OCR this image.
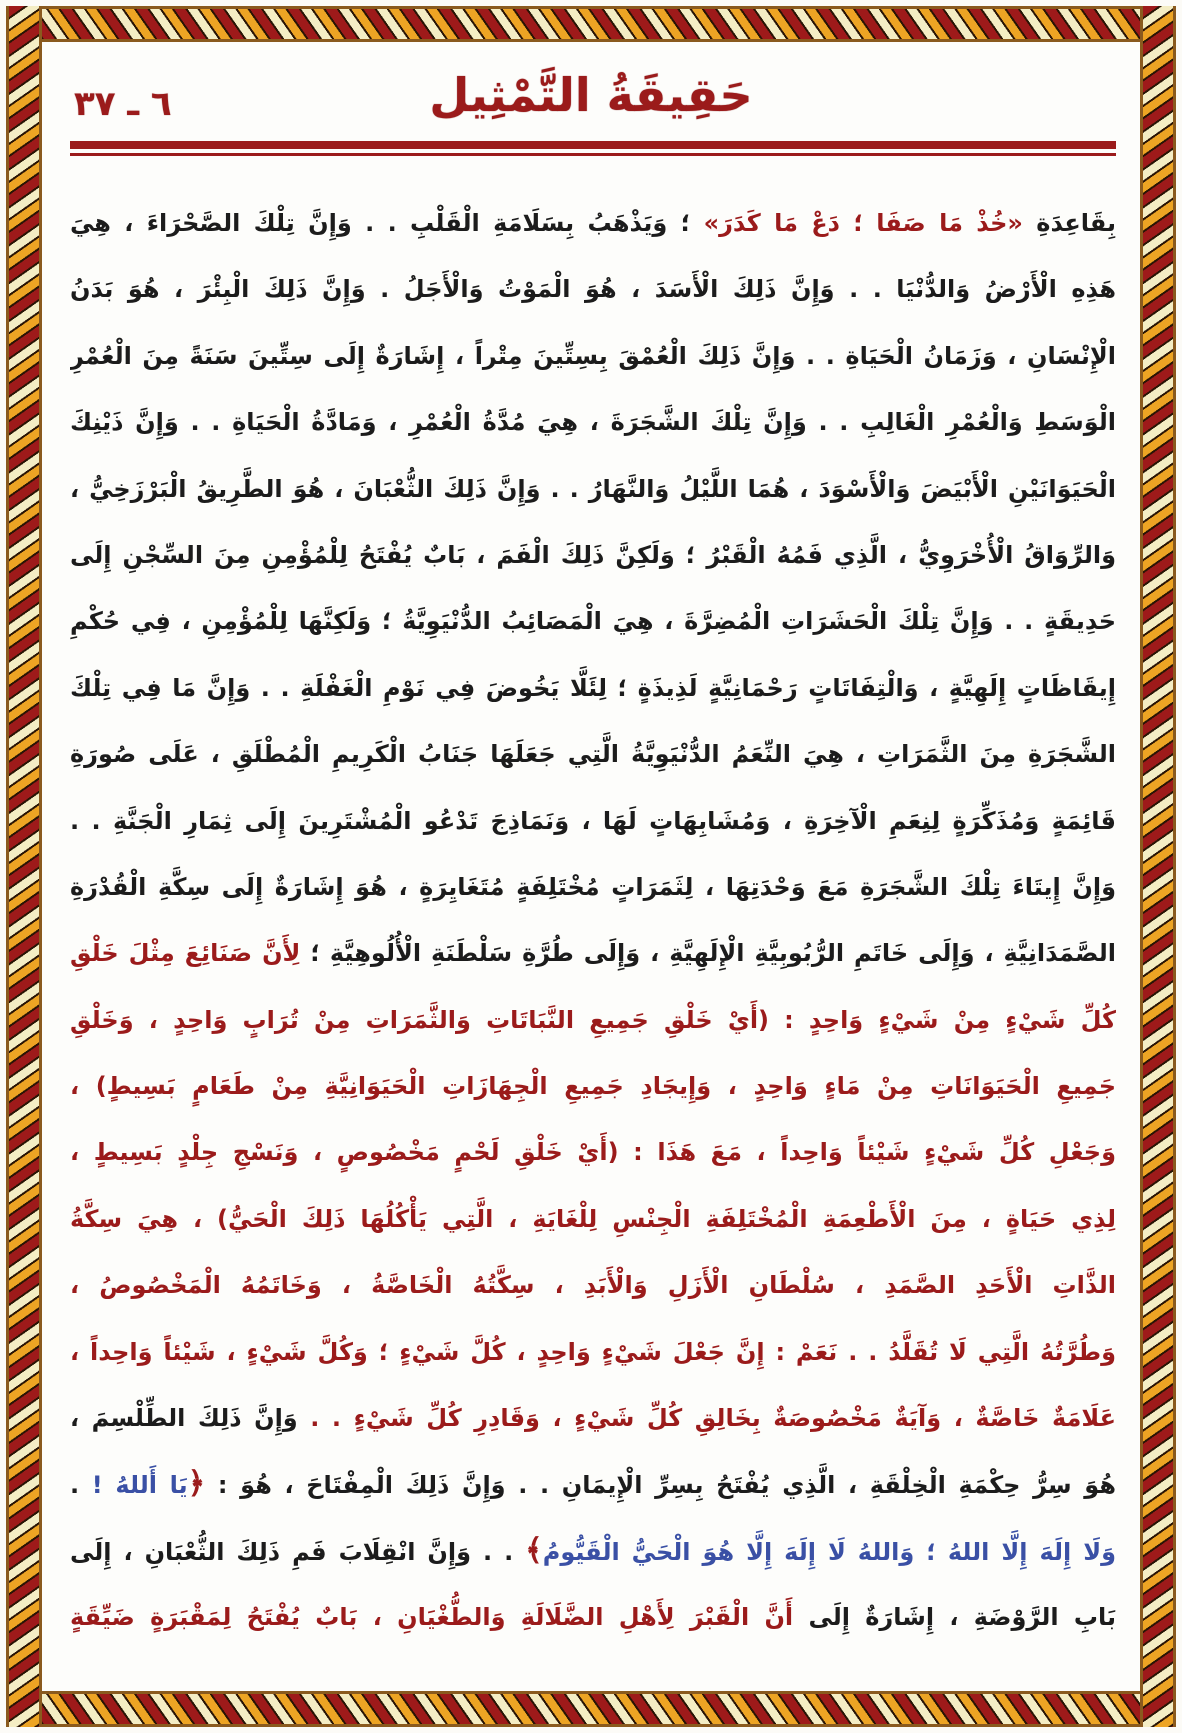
٦ ـ ٣٧	حَقِيقَةُ التَّمْثِيل
بِقَاعِدَةِ «خُذْ مَا صَفَا ؛ دَعْ مَا كَدَرَ» ؛ وَيَذْهَبُ بِسَلَامَةِ الْقَلْبِ . . وَإِنَّ تِلْكَ الصَّحْرَاءَ ، هِيَ
هَذِهِ الْأَرْضُ وَالدُّنْيَا . . وَإِنَّ ذَلِكَ الْأَسَدَ ، هُوَ الْمَوْتُ وَالْأَجَلُ . وَإِنَّ ذَلِكَ الْبِئْرَ ، هُوَ بَدَنُ
الْإِنْسَانِ ، وَزَمَانُ الْحَيَاةِ . . وَإِنَّ ذَلِكَ الْعُمْقَ بِسِتِّينَ مِتْراً ، إِشَارَةٌ إِلَى سِتِّينَ سَنَةً مِنَ الْعُمْرِ
الْوَسَطِ وَالْعُمْرِ الْغَالِبِ . . وَإِنَّ تِلْكَ الشَّجَرَةَ ، هِيَ مُدَّةُ الْعُمْرِ ، وَمَادَّةُ الْحَيَاةِ . . وَإِنَّ ذَيْنِكَ
الْحَيَوَانَيْنِ الْأَبْيَضَ وَالْأَسْوَدَ ، هُمَا اللَّيْلُ وَالنَّهَارُ . . وَإِنَّ ذَلِكَ الثُّعْبَانَ ، هُوَ الطَّرِيقُ الْبَرْزَخِيُّ ،
وَالرِّوَاقُ الْأُخْرَوِيُّ ، الَّذِي فَمُهُ الْقَبْرُ ؛ وَلَكِنَّ ذَلِكَ الْفَمَ ، بَابٌ يُفْتَحُ لِلْمُؤْمِنِ مِنَ السِّجْنِ إِلَى
حَدِيقَةٍ . . وَإِنَّ تِلْكَ الْحَشَرَاتِ الْمُضِرَّةَ ، هِيَ الْمَصَائِبُ الدُّنْيَوِيَّةُ ؛ وَلَكِنَّهَا لِلْمُؤْمِنِ ، فِي حُكْمِ
إِيقَاظَاتٍ إِلَهِيَّةٍ ، وَالْتِفَاتَاتٍ رَحْمَانِيَّةٍ لَذِيذَةٍ ؛ لِئَلَّا يَخُوضَ فِي نَوْمِ الْغَفْلَةِ . . وَإِنَّ مَا فِي تِلْكَ
الشَّجَرَةِ مِنَ الثَّمَرَاتِ ، هِيَ النِّعَمُ الدُّنْيَوِيَّةُ الَّتِي جَعَلَهَا جَنَابُ الْكَرِيمِ الْمُطْلَقِ ، عَلَى صُورَةِ
قَائِمَةٍ وَمُذَكِّرَةٍ لِنِعَمِ الْآخِرَةِ ، وَمُشَابِهَاتٍ لَهَا ، وَنَمَاذِجَ تَدْعُو الْمُشْتَرِينَ إِلَى ثِمَارِ الْجَنَّةِ . .
وَإِنَّ إِيتَاءَ تِلْكَ الشَّجَرَةِ مَعَ وَحْدَتِهَا ، لِثَمَرَاتٍ مُخْتَلِفَةٍ مُتَغَايِرَةٍ ، هُوَ إِشَارَةٌ إِلَى سِكَّةِ الْقُدْرَةِ
الصَّمَدَانِيَّةِ ، وَإِلَى خَاتَمِ الرُّبُوبِيَّةِ الْإِلَهِيَّةِ ، وَإِلَى طُرَّةِ سَلْطَنَةِ الْأُلُوهِيَّةِ ؛ لِأَنَّ صَنَائِعَ مِثْلَ خَلْقِ
كُلِّ شَيْءٍ مِنْ شَيْءٍ وَاحِدٍ : (أَيْ خَلْقِ جَمِيعِ النَّبَاتَاتِ وَالثَّمَرَاتِ مِنْ تُرَابٍ وَاحِدٍ ، وَخَلْقِ
جَمِيعِ الْحَيَوَانَاتِ مِنْ مَاءٍ وَاحِدٍ ، وَإِيجَادِ جَمِيعِ الْجِهَازَاتِ الْحَيَوَانِيَّةِ مِنْ طَعَامٍ بَسِيطٍ) ،
وَجَعْلِ كُلِّ شَيْءٍ شَيْئاً وَاحِداً ، مَعَ هَذَا : (أَيْ خَلْقِ لَحْمٍ مَخْصُوصٍ ، وَنَسْجِ جِلْدٍ بَسِيطٍ ،
لِذِي حَيَاةٍ ، مِنَ الْأَطْعِمَةِ الْمُخْتَلِفَةِ الْجِنْسِ لِلْغَايَةِ ، الَّتِي يَأْكُلُهَا ذَلِكَ الْحَيُّ) ، هِيَ سِكَّةُ
الذَّاتِ الْأَحَدِ الصَّمَدِ ، سُلْطَانِ الْأَزَلِ وَالْأَبَدِ ، سِكَّتُهُ الْخَاصَّةُ ، وَخَاتَمُهُ الْمَخْصُوصُ ،
وَطُرَّتُهُ الَّتِي لَا تُقَلَّدُ . . نَعَمْ : إِنَّ جَعْلَ شَيْءٍ وَاحِدٍ ، كُلَّ شَيْءٍ ؛ وَكُلَّ شَيْءٍ ، شَيْئاً وَاحِداً ،
عَلَامَةٌ خَاصَّةٌ ، وَآيَةٌ مَخْصُوصَةٌ بِخَالِقِ كُلِّ شَيْءٍ ، وَقَادِرِ كُلِّ شَيْءٍ . . وَإِنَّ ذَلِكَ الطِّلْسِمَ ،
هُوَ سِرُّ حِكْمَةِ الْخِلْقَةِ ، الَّذِي يُفْتَحُ بِسِرِّ الْإِيمَانِ . . وَإِنَّ ذَلِكَ الْمِفْتَاحَ ، هُوَ : ﴿يَا أَللهُ ! .
وَلَا إِلَهَ إِلَّا اللهُ ؛ وَاللهُ لَا إِلَهَ إِلَّا هُوَ الْحَيُّ الْقَيُّومُ﴾ . . وَإِنَّ انْقِلَابَ فَمِ ذَلِكَ الثُّعْبَانِ ، إِلَى
بَابِ الرَّوْضَةِ ، إِشَارَةٌ إِلَى أَنَّ الْقَبْرَ لِأَهْلِ الضَّلَالَةِ وَالطُّغْيَانِ ، بَابٌ يُفْتَحُ لِمَقْبَرَةٍ ضَيِّقَةٍ
